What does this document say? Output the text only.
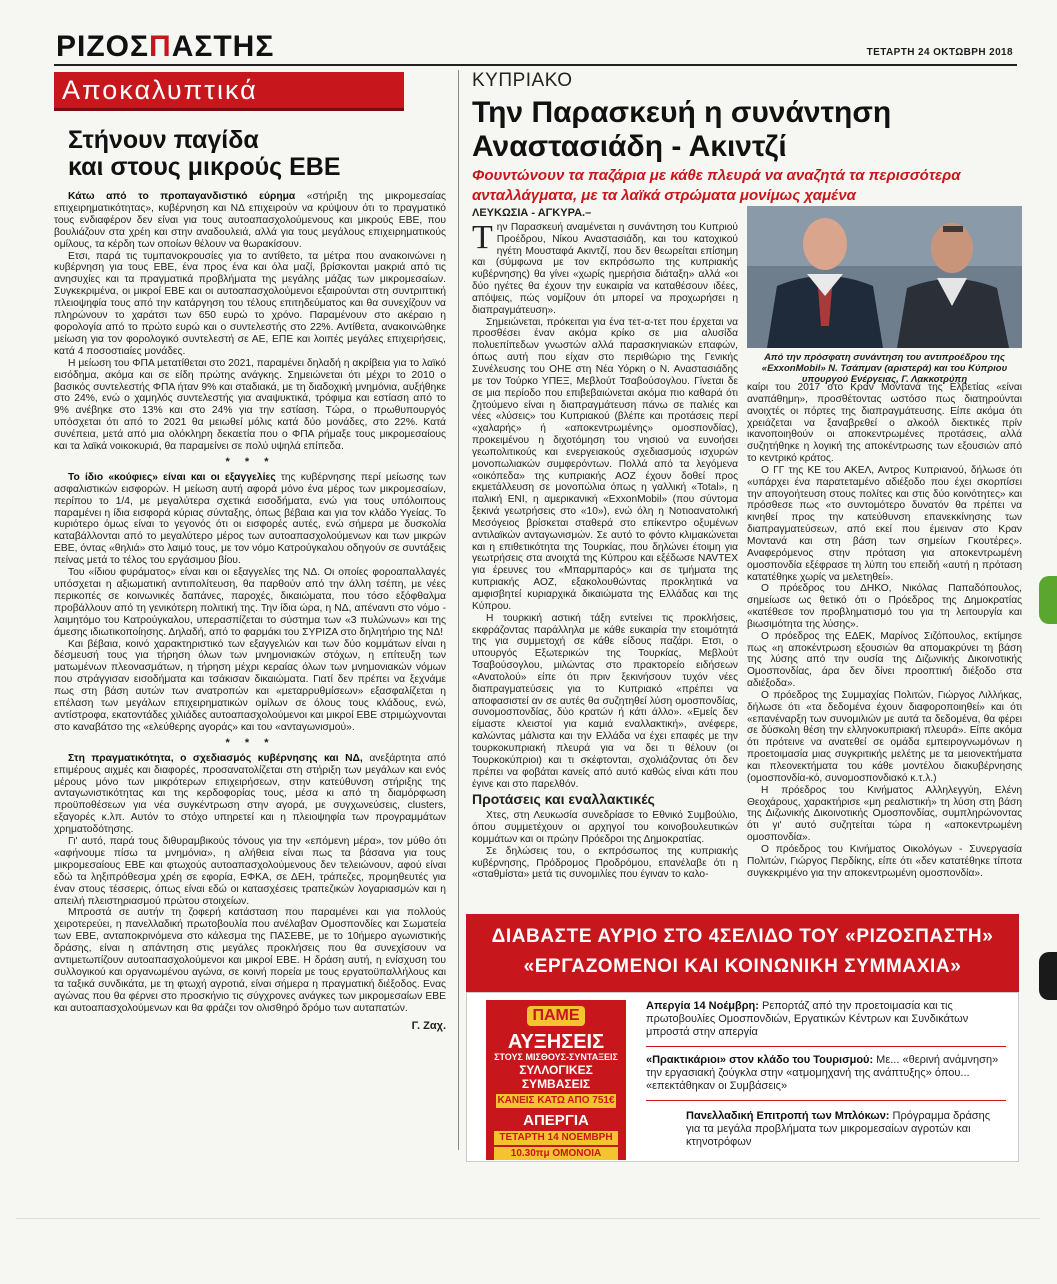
ΡΙΖΟΣΠΑΣΤΗΣ	ΤΕΤΑΡΤΗ 24 ΟΚΤΩΒΡΗ 2018
Αποκαλυπτικά
Στήνουν παγίδα
και στους μικρούς ΕΒΕ

Κάτω από το προπαγανδιστικό εύρημα «στήριξη της μικρομεσαίας επιχειρηματικότητας», κυβέρνηση και ΝΔ επιχειρούν να κρύψουν ότι το πραγματικό τους ενδιαφέρον δεν είναι για τους αυτοαπασχολούμενους και μικρούς ΕΒΕ, που βουλιάζουν στα χρέη και στην αναδουλειά, αλλά για τους μεγάλους επιχειρηματικούς ομίλους, τα κέρδη των οποίων θέλουν να θωρακίσουν.

Ετσι, παρά τις τυμπανοκρουσίες για το αντίθετο, τα μέτρα που ανακοινώνει η κυβέρνηση για τους ΕΒΕ, ένα προς ένα και όλα μαζί, βρίσκονται μακριά από τις ανησυχίες και τα πραγματικά προβλήματα της μεγάλης μάζας των μικρομεσαίων. Συγκεκριμένα, οι μικροί ΕΒΕ και οι αυτοαπασχολούμενοι εξαιρούνται στη συντριπτική πλειοψηφία τους από την κατάργηση του τέλους επιτηδεύματος και θα συνεχίζουν να πληρώνουν το χαράτσι των 650 ευρώ το χρόνο. Παραμένουν στο ακέραιο η φορολογία από το πρώτο ευρώ και ο συντελεστής στο 22%. Αντίθετα, ανακοινώθηκε μείωση για τον φορολογικό συντελεστή σε ΑΕ, ΕΠΕ και λοιπές μεγάλες επιχειρήσεις, κατά 4 ποσοστιαίες μονάδες.

Η μείωση του ΦΠΑ μετατίθεται στο 2021, παραμένει δηλαδή η ακρίβεια για το λαϊκό εισόδημα, ακόμα και σε είδη πρώτης ανάγκης. Σημειώνεται ότι μέχρι το 2010 ο βασικός συντελεστής ΦΠΑ ήταν 9% και σταδιακά, με τη διαδοχική μνημόνια, αυξήθηκε στο 24%, ενώ ο χαμηλός συντελεστής για αναψυκτικά, τρόφιμα και εστίαση από το 9% ανέβηκε στο 13% και στο 24% για την εστίαση. Τώρα, ο πρωθυπουργός υπόσχεται ότι από το 2021 θα μειωθεί μόλις κατά δύο μονάδες, στο 22%. Κατά συνέπεια, μετά από μια ολόκληρη δεκαετία που ο ΦΠΑ ρήμαξε τους μικρομεσαίους και τα λαϊκά νοικοκυριά, θα παραμείνει σε πολύ υψηλά επίπεδα.

* * *

Το ίδιο «κούφιες» είναι και οι εξαγγελίες της κυβέρνησης περί μείωσης των ασφαλιστικών εισφορών. Η μείωση αυτή αφορά μόνο ένα μέρος των μικρομεσαίων, περίπου το 1/4, με μεγαλύτερα σχετικά εισοδήματα, ενώ για τους υπόλοιπους παραμένει η ίδια εισφορά κύριας σύνταξης, όπως βέβαια και για τον κλάδο Υγείας. Το κυριότερο όμως είναι το γεγονός ότι οι εισφορές αυτές, ενώ σήμερα με δυσκολία καταβάλλονται από το μεγαλύτερο μέρος των αυτοαπασχολούμενων και των μικρών ΕΒΕ, όντας «θηλιά» στο λαιμό τους, με τον νόμο Κατρούγκαλου οδηγούν σε συντάξεις πείνας μετά το τέλος του εργάσιμου βίου.

Του «ίδιου φυράματος» είναι και οι εξαγγελίες της ΝΔ. Οι οποίες φοροαπαλλαγές υπόσχεται η αξιωματική αντιπολίτευση, θα παρθούν από την άλλη τσέπη, με νέες περικοπές σε κοινωνικές δαπάνες, παροχές, δικαιώματα, που τόσο εξόφθαλμα προβάλλουν από τη γενικότερη πολιτική της. Την ίδια ώρα, η ΝΔ, απέναντι στο νόμο - λαιμητόμο του Κατρούγκαλου, υπερασπίζεται το σύστημα των «3 πυλώνων» και της άμεσης ιδιωτικοποίησης. Δηλαδή, από το φαρμάκι του ΣΥΡΙΖΑ στο δηλητήριο της ΝΔ!

Και βέβαια, κοινό χαρακτηριστικό των εξαγγελιών και των δύο κομμάτων είναι η δέσμευσή τους για τήρηση όλων των μνημονιακών στόχων, η επίτευξη των ματωμένων πλεονασμάτων, η τήρηση μέχρι κεραίας όλων των μνημονιακών νόμων που στράγγισαν εισοδήματα και τσάκισαν δικαιώματα. Γιατί δεν πρέπει να ξεχνάμε πως στη βάση αυτών των ανατροπών και «μεταρρυθμίσεων» εξασφαλίζεται η επέλαση των μεγάλων επιχειρηματικών ομίλων σε όλους τους κλάδους, ενώ, αντίστροφα, εκατοντάδες χιλιάδες αυτοαπασχολούμενοι και μικροί ΕΒΕ στριμώχνονται στο καναβάτσο της «ελεύθερης αγοράς» και του «ανταγωνισμού».

* * *

Στη πραγματικότητα, ο σχεδιασμός κυβέρνησης και ΝΔ, ανεξάρτητα από επιμέρους αιχμές και διαφορές, προσανατολίζεται στη στήριξη των μεγάλων και ενός μέρους μόνο των μικρότερων επιχειρήσεων, στην κατεύθυνση στήριξης της ανταγωνιστικότητας και της κερδοφορίας τους, μέσα κι από τη διαμόρφωση προϋποθέσεων για νέα συγκέντρωση στην αγορά, με συγχωνεύσεις, clusters, εξαγορές κ.λπ. Αυτόν το στόχο υπηρετεί και η πλειοψηφία των προγραμμάτων χρηματοδότησης.

Γι' αυτό, παρά τους διθυραμβικούς τόνους για την «επόμενη μέρα», τον μύθο ότι «αφήνουμε πίσω τα μνημόνια», η αλήθεια είναι πως τα βάσανα για τους μικρομεσαίους ΕΒΕ και φτωχούς αυτοαπασχολούμενους δεν τελειώνουν, αφού είναι εδώ τα ληξιπρόθεσμα χρέη σε εφορία, ΕΦΚΑ, σε ΔΕΗ, τράπεζες, προμηθευτές για έναν στους τέσσερις, όπως είναι εδώ οι κατασχέσεις τραπεζικών λογαριασμών και η απειλή πλειστηριασμού πρώτου στοιχείων.

Μπροστά σε αυτήν τη ζοφερή κατάσταση που παραμένει και για πολλούς χειροτερεύει, η πανελλαδική πρωτοβουλία που ανέλαβαν Ομοσπονδίες και Σωματεία των ΕΒΕ, ανταποκρινόμενα στο κάλεσμα της ΠΑΣΕΒΕ, με το 10ήμερο αγωνιστικής δράσης, είναι η απάντηση στις μεγάλες προκλήσεις που θα συνεχίσουν να αντιμετωπίζουν αυτοαπασχολούμενοι και μικροί ΕΒΕ. Η δράση αυτή, η ενίσχυση του συλλογικού και οργανωμένου αγώνα, σε κοινή πορεία με τους εργατοϋπαλλήλους και τα ταξικά συνδικάτα, με τη φτωχή αγροτιά, είναι σήμερα η πραγματική διέξοδος. Ενας αγώνας που θα φέρνει στο προσκήνιο τις σύγχρονες ανάγκες των μικρομεσαίων ΕΒΕ και αυτοαπασχολούμενων και θα φράζει τον ολισθηρό δρόμο των αυταπατών.

Γ. Ζαχ.
ΚΥΠΡΙΑΚΟ
Την Παρασκευή η συνάντηση
Αναστασιάδη - Ακιντζί
Φουντώνουν τα παζάρια με κάθε πλευρά να αναζητά τα περισσότερα ανταλλάγματα, με τα λαϊκά στρώματα μονίμως χαμένα
ΛΕΥΚΩΣΙΑ - ΑΓΚΥΡΑ.–

Την Παρασκευή αναμένεται η συνάντηση του Κυπριού Προέδρου, Νίκου Αναστασιάδη, και του κατοχικού ηγέτη Μουσταφά Ακιντζί, που δεν θεωρείται επίσημη και (σύμφωνα με τον εκπρόσωπο της κυπριακής κυβέρνησης) θα γίνει «χωρίς ημερήσια διάταξη» αλλά «οι δύο ηγέτες θα έχουν την ευκαιρία να καταθέσουν ιδέες, απόψεις, πώς νομίζουν ότι μπορεί να προχωρήσει η διαπραγμάτευση».

Σημειώνεται, πρόκειται για ένα τετ-α-τετ που έρχεται να προσθέσει έναν ακόμα κρίκο σε μια αλυσίδα πολυεπίπεδων γνωστών αλλά παρασκηνιακών επαφών, όπως αυτή που είχαν στο περιθώριο της Γενικής Συνέλευσης του ΟΗΕ στη Νέα Υόρκη ο Ν. Αναστασιάδης με τον Τούρκο ΥΠΕΞ, Μεβλούτ Τσαβούσογλου. Γίνεται δε σε μια περίοδο που επιβεβαιώνεται ακόμα πιο καθαρά ότι ζητούμενο είναι η διαπραγμάτευση πάνω σε παλιές και νέες «λύσεις» του Κυπριακού (βλέπε και προτάσεις περί «χαλαρής» ή «αποκεντρωμένης» ομοσπονδίας), προκειμένου η διχοτόμηση του νησιού να ευνοήσει γεωπολιτικούς και ενεργειακούς σχεδιασμούς ισχυρών μονοπωλιακών συμφερόντων. Πολλά από τα λεγόμενα «οικόπεδα» της κυπριακής ΑΟΖ έχουν δοθεί προς εκμετάλλευση σε μονοπώλια όπως η γαλλική «Total», η ιταλική ΕΝΙ, η αμερικανική «ExxonMobil» (που σύντομα ξεκινά γεωτρήσεις στο «10»), ενώ όλη η Νοτιοανατολική Μεσόγειος βρίσκεται σταθερά στο επίκεντρο οξυμένων αντιλαϊκών ανταγωνισμών. Σε αυτό το φόντο κλιμακώνεται και η επιθετικότητα της Τουρκίας, που δηλώνει έτοιμη για γεωτρήσεις στα ανοιχτά της Κύπρου και εξέδωσε NAVTEX για έρευνες του «Μπαρμπαρός» και σε τμήματα της κυπριακής ΑΟΖ, εξακολουθώντας προκλητικά να αμφισβητεί κυριαρχικά δικαιώματα της Ελλάδας και της Κύπρου.

Η τουρκική αστική τάξη εντείνει τις προκλήσεις, εκφράζοντας παράλληλα με κάθε ευκαιρία την ετοιμότητά της για συμμετοχή σε κάθε είδους παζάρι. Ετσι, ο υπουργός Εξωτερικών της Τουρκίας, Μεβλούτ Τσαβούσογλου, μιλώντας στο πρακτορείο ειδήσεων «Ανατολού» είπε ότι πριν ξεκινήσουν τυχόν νέες διαπραγματεύσεις για το Κυπριακό «πρέπει να αποφασιστεί αν σε αυτές θα συζητηθεί λύση ομοσπονδίας, συνομοσπονδίας, δύο κρατών ή κάτι άλλο». «Εμείς δεν είμαστε κλειστοί για καμιά εναλλακτική», ανέφερε, καλώντας μάλιστα και την Ελλάδα να έχει επαφές με την τουρκοκυπριακή πλευρά για να δει τι θέλουν (οι Τουρκοκύπριοι) και τι σκέφτονται, σχολιάζοντας ότι δεν πρέπει να φοβάται κανείς από αυτό καθώς είναι κάτι που έγινε και στο παρελθόν.

Προτάσεις και εναλλακτικές

Χτες, στη Λευκωσία συνεδρίασε το Εθνικό Συμβούλιο, όπου συμμετέχουν οι αρχηγοί του κοινοβουλευτικών κομμάτων και οι πρώην Πρόεδροι της Δημοκρατίας.

Σε δηλώσεις του, ο εκπρόσωπος της κυπριακής κυβέρνησης, Πρόδρομος Προδρόμου, επανέλαβε ότι η «σταθμίστα» μετά τις συνομιλίες που έγιναν το καλο-

Από την πρόσφατη συνάντηση του αντιπροέδρου της «ExxonMobil» Ν. Τσάπμαν (αριστερά) και του Κύπριου υπουργού Ενέργειας, Γ. Λακκοτρύπη

καίρι του 2017 στο Κραν Μοντανά της Ελβετίας «είναι αναπάθημη», προσθέτοντας ωστόσο πως διατηρούνται ανοιχτές οι πόρτες της διαπραγμάτευσης. Είπε ακόμα ότι χρειάζεται να ξαναβρεθεί ο αλκοόλ διεκτικές πρίν ικανοποιηθούν οι αποκεντρωμένες προτάσεις, αλλά συζητήθηκε η λογική της αποκέντρωσης των εξουσιών από το κεντρικό κράτος.

Ο ΓΓ της ΚΕ του ΑΚΕΛ, Αντρος Κυπριανού, δήλωσε ότι «υπάρχει ένα παρατεταμένο αδιέξοδο που έχει σκορπίσει την απογοήτευση στους πολίτες και στις δύο κοινότητες» και πρόσθεσε πως «το συντομότερο δυνατόν θα πρέπει να κινηθεί προς την κατεύθυνση επανεκκίνησης των διαπραγματεύσεων, από εκεί που έμειναν στο Κραν Μοντανά και στη βάση των σημείων Γκουτέρες». Αναφερόμενος στην πρόταση για αποκεντρωμένη ομοσπονδία εξέφρασε τη λύπη του επειδή «αυτή η πρόταση κατατέθηκε χωρίς να μελετηθεί».

Ο πρόεδρος του ΔΗΚΟ, Νικόλας Παπαδόπουλος, σημείωσε ως θετικό ότι ο Πρόεδρος της Δημοκρατίας «κατέθεσε τον προβληματισμό του για τη λειτουργία και βιωσιμότητα της λύσης».

Ο πρόεδρος της ΕΔΕΚ, Μαρίνος Σιζόπουλος, εκτίμησε πως «η αποκέντρωση εξουσιών θα απομακρύνει τη βάση της λύσης από την ουσία της Διζωνικής Δικοινοτικής Ομοσπονδίας, άρα δεν δίνει προοπτική διέξοδο στα αδιέξοδα».

Ο πρόεδρος της Συμμαχίας Πολιτών, Γιώργος Λιλλήκας, δήλωσε ότι «τα δεδομένα έχουν διαφοροποιηθεί» και ότι «επανέναρξη των συνομιλιών με αυτά τα δεδομένα, θα φέρει σε δύσκολη θέση την ελληνοκυπριακή πλευρά». Είπε ακόμα ότι πρότεινε να ανατεθεί σε ομάδα εμπειρογνωμόνων η προετοιμασία μιας συγκριτικής μελέτης με τα μειονεκτήματα και πλεονεκτήματα του κάθε μοντέλου διακυβέρνησης (ομοσπονδία-κό, συνομοσπονδιακό κ.τ.λ.)

Η πρόεδρος του Κινήματος Αλληλεγγύη, Ελένη Θεοχάρους, χαρακτήρισε «μη ρεαλιστική» τη λύση στη βάση της Διζωνικής Δικοινοτικής Ομοσπονδίας, συμπληρώνοντας ότι γι' αυτό συζητείται τώρα η «αποκεντρωμένη ομοσπονδία».

Ο πρόεδρος του Κινήματος Οικολόγων - Συνεργασία Πολιτών, Γιώργος Περδίκης, είπε ότι «δεν κατατέθηκε τίποτα συγκεκριμένο για την αποκεντρωμένη ομοσπονδία».

ΔΙΑΒΑΣΤΕ ΑΥΡΙΟ ΣΤΟ 4ΣΕΛΙΔΟ ΤΟΥ «ΡΙΖΟΣΠΑΣΤΗ»
«ΕΡΓΑΖΟΜΕΝΟΙ ΚΑΙ ΚΟΙΝΩΝΙΚΗ ΣΥΜΜΑΧΙΑ»
ΠΑΜΕ
ΑΥΞΗΣΕΙΣ
ΣΤΟΥΣ ΜΙΣΘΟΥΣ-ΣΥΝΤΑΞΕΙΣ
ΣΥΛΛΟΓΙΚΕΣ ΣΥΜΒΑΣΕΙΣ
ΚΑΝΕΙΣ ΚΑΤΩ ΑΠΟ 751€
ΑΠΕΡΓΙΑ
ΤΕΤΑΡΤΗ 14 ΝΟΕΜΒΡΗ
10.30πμ ΟΜΟΝΟΙΑ
Απεργία 14 Νοέμβρη: Ρεπορτάζ από την προετοιμασία και τις πρωτοβουλίες Ομοσπονδιών, Εργατικών Κέντρων και Συνδικάτων μπροστά στην απεργία
«Πρακτικάριοι» στον κλάδο του Τουρισμού: Με... «θερινή ανάμνηση» την εργασιακή ζούγκλα στην «ατμομηχανή της ανάπτυξης» όπου... «επεκτάθηκαν οι Συμβάσεις»
Πανελλαδική Επιτροπή των Μπλόκων: Πρόγραμμα δράσης για τα μεγάλα προβλήματα των μικρομεσαίων αγροτών και κτηνοτρόφων
